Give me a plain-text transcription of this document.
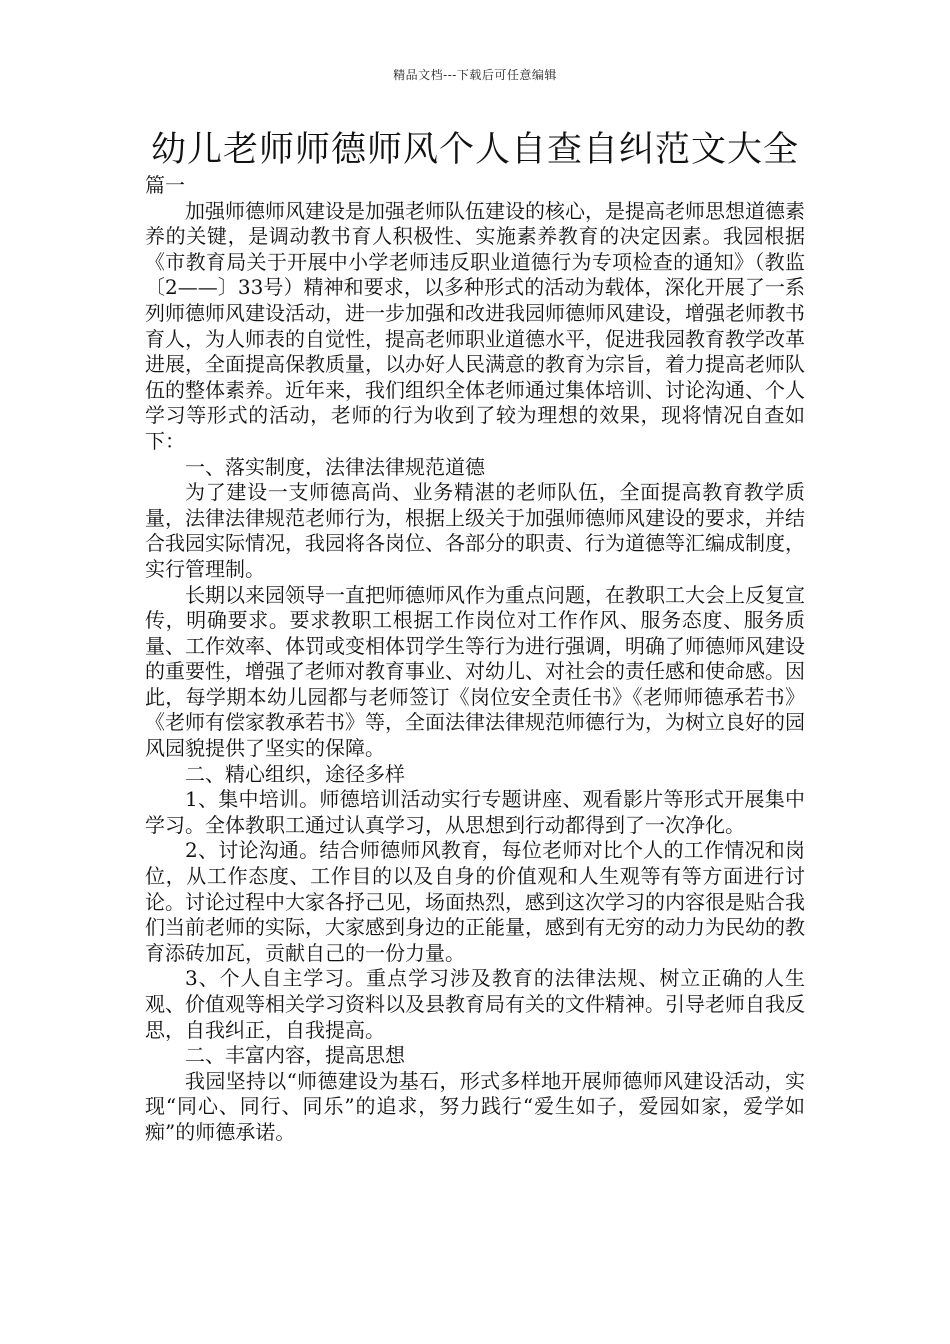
精品文档---下载后可任意编辑
幼儿老师师德师风个人自查自纠范文大全

篇一

加强师德师风建设是加强老师队伍建设的核心，是提高老师思想道德素养的关键，是调动教书育人积极性、实施素养教育的决定因素。我园根据《市教育局关于开展中小学老师违反职业道德行为专项检查的通知》（教监〔2——〕33号）精神和要求，以多种形式的活动为载体，深化开展了一系列师德师风建设活动，进一步加强和改进我园师德师风建设，增强老师教书育人，为人师表的自觉性，提高老师职业道德水平，促进我园教育教学改革进展，全面提高保教质量，以办好人民满意的教育为宗旨，着力提高老师队伍的整体素养。近年来，我们组织全体老师通过集体培训、讨论沟通、个人学习等形式的活动，老师的行为收到了较为理想的效果，现将情况自查如下：

一、落实制度，法律法律规范道德

为了建设一支师德高尚、业务精湛的老师队伍，全面提高教育教学质量，法律法律规范老师行为，根据上级关于加强师德师风建设的要求，并结合我园实际情况，我园将各岗位、各部分的职责、行为道德等汇编成制度，实行管理制。

长期以来园领导一直把师德师风作为重点问题，在教职工大会上反复宣传，明确要求。要求教职工根据工作岗位对工作作风、服务态度、服务质量、工作效率、体罚或变相体罚学生等行为进行强调，明确了师德师风建设的重要性，增强了老师对教育事业、对幼儿、对社会的责任感和使命感。因此，每学期本幼儿园都与老师签订《岗位安全责任书》《老师师德承若书》《老师有偿家教承若书》等，全面法律法律规范师德行为，为树立良好的园风园貌提供了坚实的保障。

二、精心组织，途径多样

1、集中培训。师德培训活动实行专题讲座、观看影片等形式开展集中学习。全体教职工通过认真学习，从思想到行动都得到了一次净化。

2、讨论沟通。结合师德师风教育，每位老师对比个人的工作情况和岗位，从工作态度、工作目的以及自身的价值观和人生观等有等方面进行讨论。讨论过程中大家各抒己见，场面热烈，感到这次学习的内容很是贴合我们当前老师的实际，大家感到身边的正能量，感到有无穷的动力为民幼的教育添砖加瓦，贡献自己的一份力量。

3、个人自主学习。重点学习涉及教育的法律法规、树立正确的人生观、价值观等相关学习资料以及县教育局有关的文件精神。引导老师自我反思，自我纠正，自我提高。

二、丰富内容，提高思想

我园坚持以“师德建设为基石，形式多样地开展师德师风建设活动，实现“同心、同行、同乐”的追求，努力践行“爱生如子，爱园如家，爱学如痴”的师德承诺。
